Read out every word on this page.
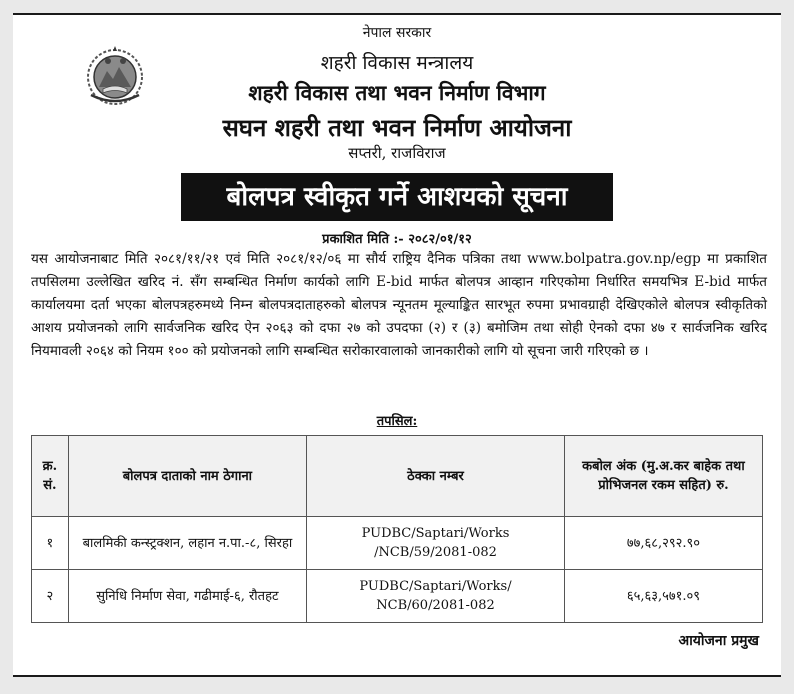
नेपाल सरकार
शहरी विकास मन्त्रालय
शहरी विकास तथा भवन निर्माण विभाग
सघन शहरी तथा भवन निर्माण आयोजना
सप्तरी, राजविराज
बोलपत्र स्वीकृत गर्ने आशयको सूचना
प्रकाशित मिति :- २०८२/०१/१२
यस आयोजनाबाट मिति २०८१/११/२१ एवं मिति २०८१/१२/०६ मा सौर्य राष्ट्रिय दैनिक पत्रिका तथा www.bolpatra.gov.np/egp मा प्रकाशित तपसिलमा उल्लेखित खरिद नं. सँग सम्बन्धित निर्माण कार्यको लागि E-bid मार्फत बोलपत्र आव्हान गरिएकोमा निर्धारित समयभित्र E-bid मार्फत कार्यालयमा दर्ता भएका बोलपत्रहरुमध्ये निम्न बोलपत्रदाताहरुको बोलपत्र न्यूनतम मूल्याङ्कित सारभूत रुपमा प्रभावग्राही देखिएकोले बोलपत्र स्वीकृतिको आशय प्रयोजनको लागि सार्वजनिक खरिद ऐन २०६३ को दफा २७ को उपदफा (२) र (३) बमोजिम तथा सोही ऐनको दफा ४७ र सार्वजनिक खरिद नियमावली २०६४ को नियम १०० को प्रयोजनको लागि सम्बन्धित सरोकारवालाको जानकारीको लागि यो सूचना जारी गरिएको छ ।
तपसिल:
क्र. सं.	बोलपत्र दाताको नाम ठेगाना	ठेक्का नम्बर	कबोल अंक (मु.अ.कर बाहेक तथा प्रोभिजनल रकम सहित) रु.
१	बालमिकी कन्स्ट्रक्शन, लहान न.पा.-८, सिरहा	PUDBC/Saptari/Works /NCB/59/2081-082	७७,६८,२९२.९०
२	सुनिधि निर्माण सेवा, गढीमाई-६, रौतहट	PUDBC/Saptari/Works/ NCB/60/2081-082	६५,६३,५७१.०९
आयोजना प्रमुख
